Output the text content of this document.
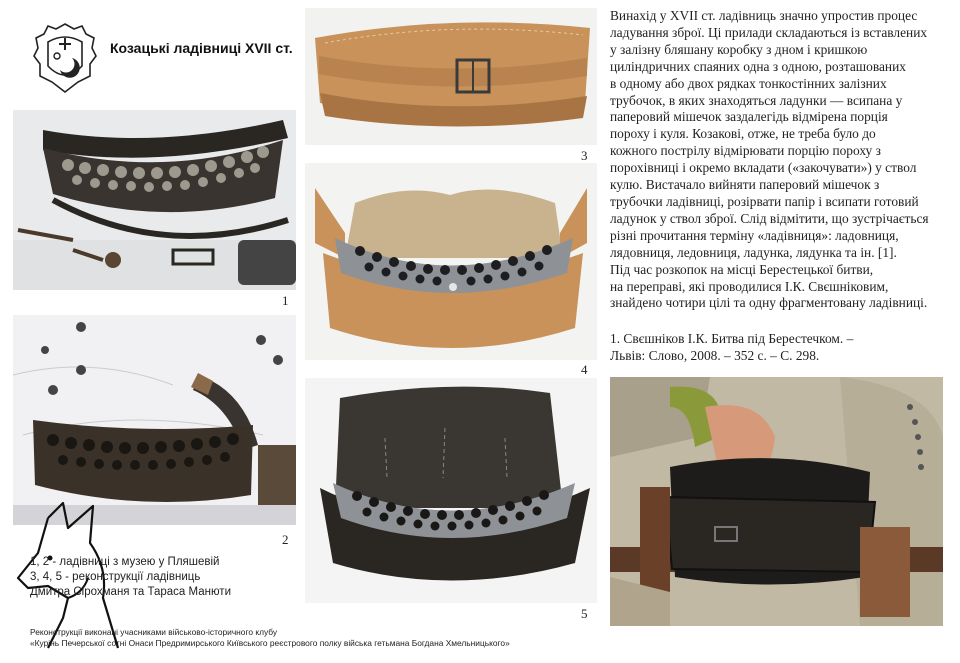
Козацькі ладівниці XVII ст.
1
2
1, 2 - ладівниці з музею у Пляшевій
3, 4, 5 - реконструкції ладівниць
Дмитра Сірохманя та Тараса Манюти
3
4
5
Винахід у XVII ст. ладівниць значно упростив процес
ладування зброї. Ці прилади складаються із вставлених
у залізну бляшану коробку з дном і кришкою
циліндричних спаяних одна з одною, розташованих
в одному або двох рядках тонкостінних залізних
трубочок, в яких знаходяться ладунки — всипана у
паперовий мішечок заздалегідь відмірена порція
пороху і куля. Козакові, отже, не треба було до
кожного пострілу відмірювати порцію пороху з
порохівниці і окремо вкладати («закочувати») у ствол
кулю. Вистачало вийняти паперовий мішечок з
трубочки ладівниці, розірвати папір і всипати готовий
ладунок у ствол зброї. Слід відмітити, що зустрічається
різні прочитання терміну «ладівниця»: ладовниця,
лядовниця, ледовниця, ладунка, лядунка та ін. [1].
Під час розкопок на місці Берестецької битви,
на переправі, які проводилися І.К. Свєшніковим,
знайдено чотири цілі та одну фрагментовану ладівниці.
1. Свєшніков І.К. Битва під Берестечком. –
Львів: Слово, 2008. – 352 с. – С. 298.
Реконструкції виконані учасниками військово-історичного клубу
«Курінь Печерської сотні Онаси Предримирського Київського реєстрового полку війська гетьмана Богдана Хмельницького»
